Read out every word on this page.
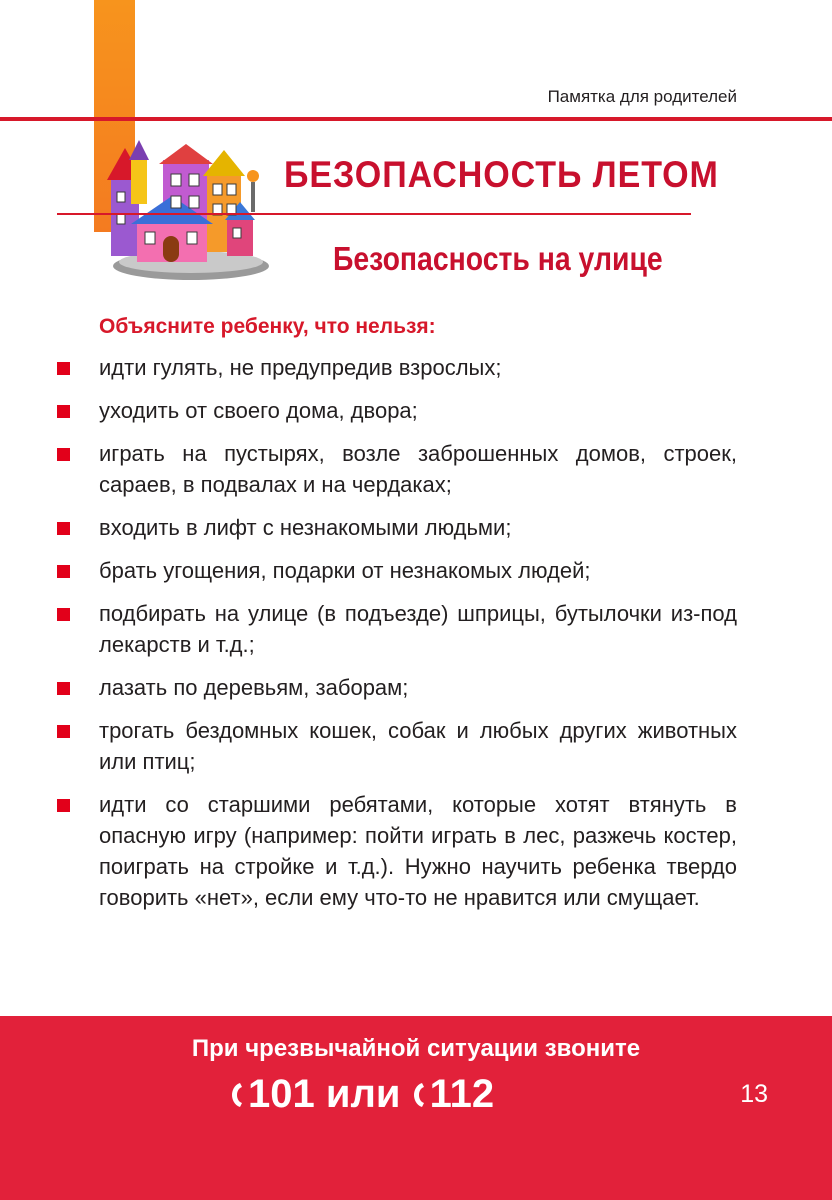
Памятка для родителей
БЕЗОПАСНОСТЬ ЛЕТОМ
Безопасность на улице
Объясните ребенку, что нельзя:
идти гулять, не предупредив взрослых;
уходить от своего дома, двора;
играть на пустырях, возле заброшенных домов, строек, сараев, в подвалах и на чердаках;
входить в лифт с незнакомыми людьми;
брать угощения, подарки от незнакомых людей;
подбирать на улице (в подъезде) шприцы, бутылочки из-под лекарств и т.д.;
лазать по деревьям, заборам;
трогать бездомных кошек, собак и любых других животных или птиц;
идти со старшими ребятами, которые хотят втянуть в опасную игру (например: пойти играть в лес, разжечь костер, поиграть на стройке и т.д.). Нужно научить ребенка твердо говорить «нет», если ему что-то не нравится или смущает.
При чрезвычайной ситуации звоните
101 или 112	13
